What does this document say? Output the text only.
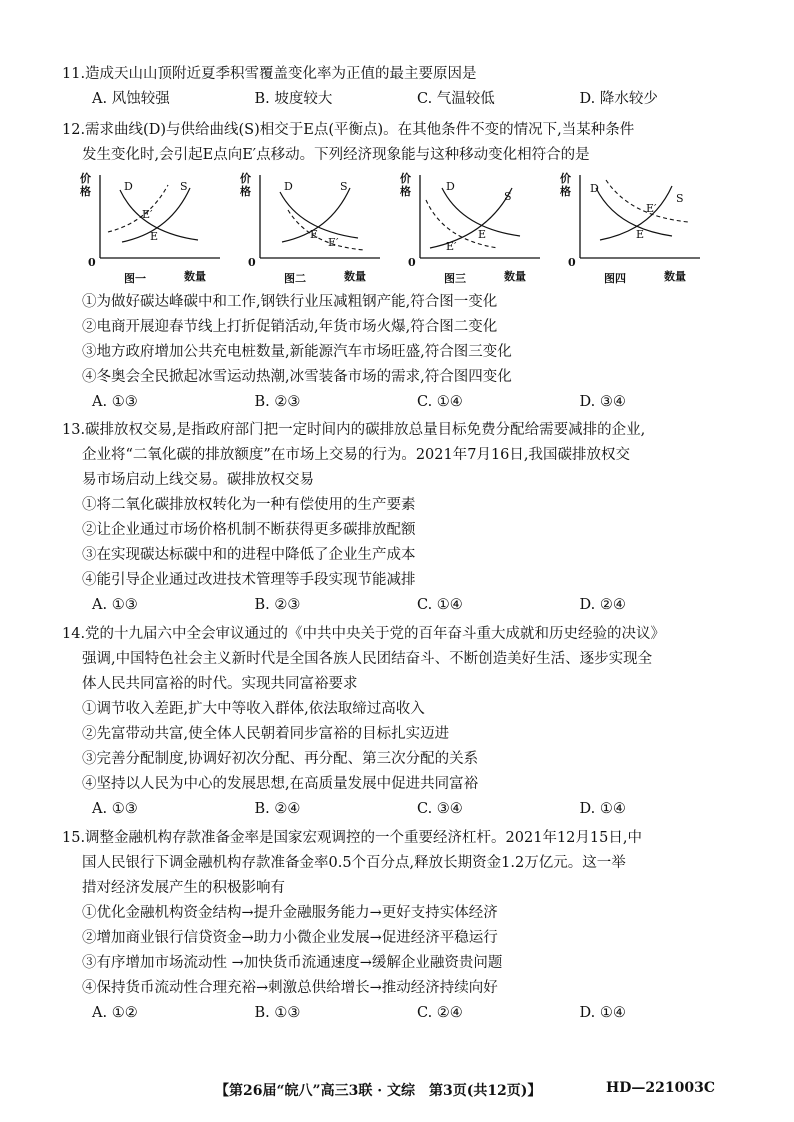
11.造成天山山顶附近夏季积雪覆盖变化率为正值的最主要原因是

A. 风蚀较强	B. 坡度较大	C. 气温较低	D. 降水较少

12.需求曲线(D)与供给曲线(S)相交于E点(平衡点)。在其他条件不变的情况下,当某种条件

发生变化时,会引起E点向E′点移动。下列经济现象能与这种移动变化相符合的是

价格
0
D	S
E′
E
图一	数量
价格
0
D	S
E
E′
图二	数量
价格
0
D
S
E
E′
图三	数量
价格
0
D
S
E′
E
图四	数量
①为做好碳达峰碳中和工作,钢铁行业压减粗钢产能,符合图一变化
②电商开展迎春节线上打折促销活动,年货市场火爆,符合图二变化
③地方政府增加公共充电桩数量,新能源汽车市场旺盛,符合图三变化
④冬奥会全民掀起冰雪运动热潮,冰雪装备市场的需求,符合图四变化
A. ①③	B. ②③	C. ①④	D. ③④

13.碳排放权交易,是指政府部门把一定时间内的碳排放总量目标免费分配给需要减排的企业,

企业将“二氧化碳的排放额度”在市场上交易的行为。2021年7月16日,我国碳排放权交

易市场启动上线交易。碳排放权交易

①将二氧化碳排放权转化为一种有偿使用的生产要素
②让企业通过市场价格机制不断获得更多碳排放配额
③在实现碳达标碳中和的进程中降低了企业生产成本
④能引导企业通过改进技术管理等手段实现节能减排
A. ①③	B. ②③	C. ①④	D. ②④

14.党的十九届六中全会审议通过的《中共中央关于党的百年奋斗重大成就和历史经验的决议》

强调,中国特色社会主义新时代是全国各族人民团结奋斗、不断创造美好生活、逐步实现全

体人民共同富裕的时代。实现共同富裕要求

①调节收入差距,扩大中等收入群体,依法取缔过高收入
②先富带动共富,使全体人民朝着同步富裕的目标扎实迈进
③完善分配制度,协调好初次分配、再分配、第三次分配的关系
④坚持以人民为中心的发展思想,在高质量发展中促进共同富裕
A. ①③	B. ②④	C. ③④	D. ①④

15.调整金融机构存款准备金率是国家宏观调控的一个重要经济杠杆。2021年12月15日,中

国人民银行下调金融机构存款准备金率0.5个百分点,释放长期资金1.2万亿元。这一举

措对经济发展产生的积极影响有

①优化金融机构资金结构→提升金融服务能力→更好支持实体经济
②增加商业银行信贷资金→助力小微企业发展→促进经济平稳运行
③有序增加市场流动性 →加快货币流通速度→缓解企业融资贵问题
④保持货币流动性合理充裕→刺激总供给增长→推动经济持续向好
A. ①②	B. ①③	C. ②④	D. ①④
【第26届“皖八”高三3联 · 文综　第3页(共12页)】	HD—221003C
